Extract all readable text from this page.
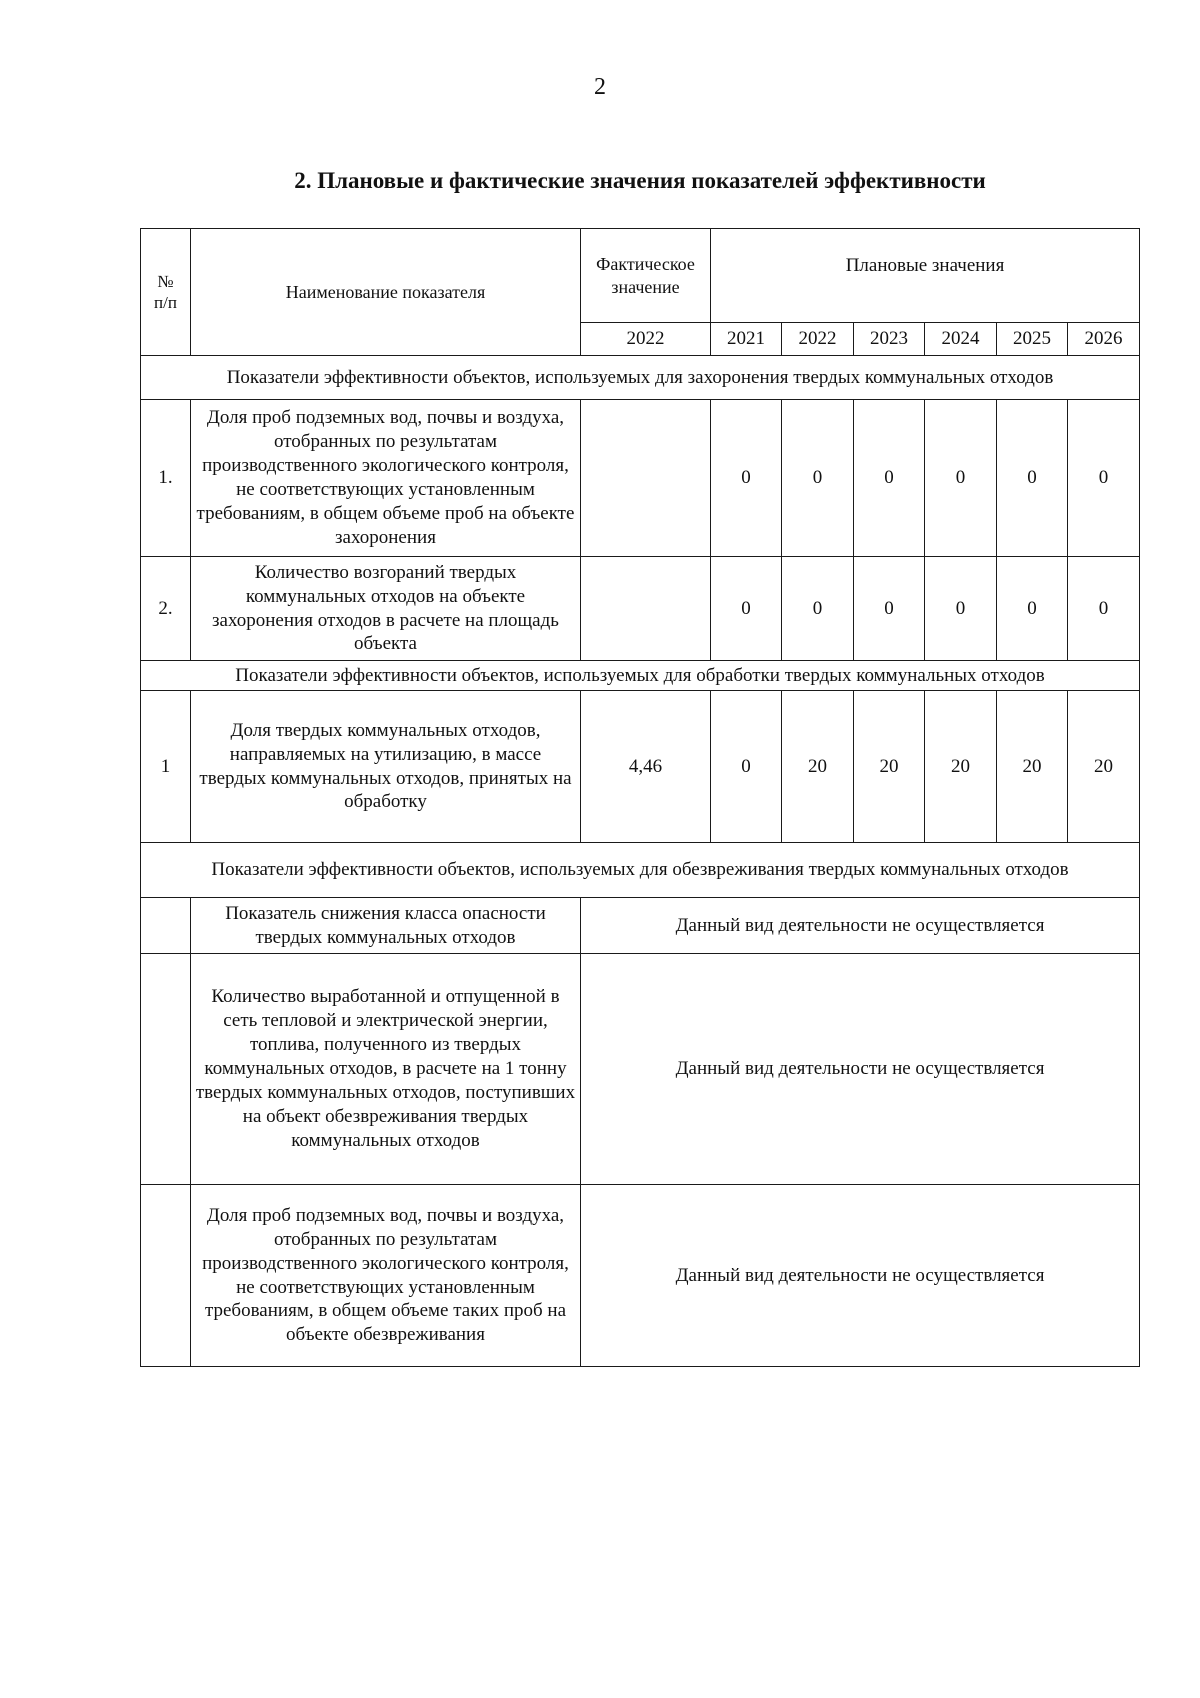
2
2. Плановые и фактические значения показателей эффективности
№
п/п	Наименование показателя	Фактическое значение	Плановые значения					
		2022	2021	2022	2023	2024	2025	2026
Показатели эффективности объектов, используемых для захоронения твердых коммунальных отходов								
1.	Доля проб подземных вод, почвы и воздуха, отобранных по результатам производственного экологического контроля, не соответствующих установленным требованиям, в общем объеме проб на объекте захоронения		0	0	0	0	0	0
2.	Количество возгораний твердых коммунальных отходов на объекте захоронения отходов в расчете на площадь объекта		0	0	0	0	0	0
Показатели эффективности объектов, используемых для обработки твердых коммунальных отходов								
1	Доля твердых коммунальных отходов, направляемых на утилизацию, в массе твердых коммунальных отходов, принятых на обработку	4,46	0	20	20	20	20	20
Показатели эффективности объектов, используемых для обезвреживания твердых коммунальных отходов								
	Показатель снижения класса опасности твердых коммунальных отходов	Данный вид деятельности не осуществляется						
	Количество выработанной и отпущенной в сеть тепловой и электрической энергии, топлива, полученного из твердых коммунальных отходов, в расчете на 1 тонну твердых коммунальных отходов, поступивших на объект обезвреживания твердых коммунальных отходов	Данный вид деятельности не осуществляется						
	Доля проб подземных вод, почвы и воздуха, отобранных по результатам производственного экологического контроля, не соответствующих установленным требованиям, в общем объеме таких проб на объекте обезвреживания	Данный вид деятельности не осуществляется						
